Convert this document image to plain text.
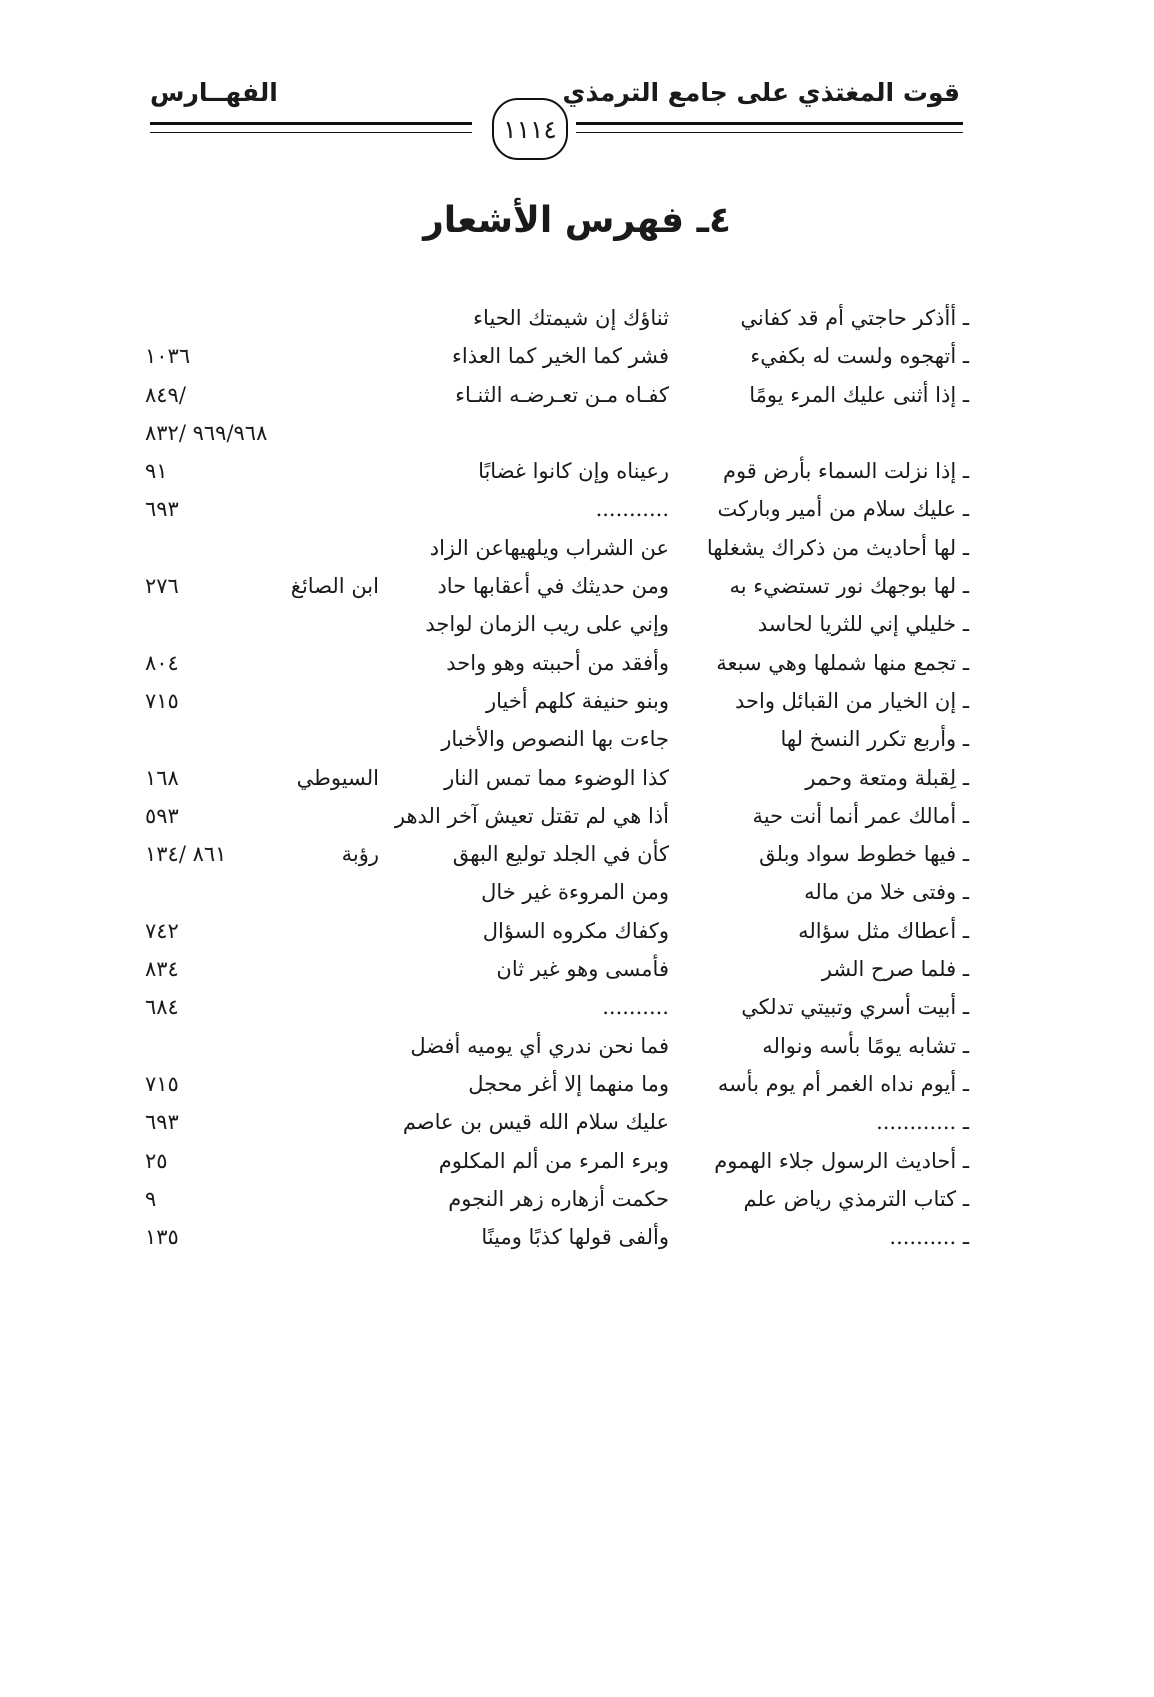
قوت المغتذي على جامع الترمذي
الفهــارس
١١١٤
٤ـ فهرس الأشعار
ـ أأذكر حاجتي أم قد كفاني
ثناؤك إن شيمتك الحياء
ـ أتهجوه ولست له بكفيء
فشر كما الخير كما العذاء
١٠٣٦
ـ إذا أثنى عليك المرء يومًا
كفـاه مـن تعـرضـه الثنـاء
/٨٤٩
٩٦٩/٩٦٨ /٨٣٢
ـ إذا نزلت السماء بأرض قوم
رعيناه وإن كانوا غضابًا
٩١
ـ عليك سلام من أمير وباركت
...........
٦٩٣
ـ لها أحاديث من ذكراك يشغلها
عن الشراب ويلهيهاعن الزاد
ـ لها بوجهك نور تستضيء به
ومن حديثك في أعقابها حاد
ابن الصائغ
٢٧٦
ـ خليلي إني للثريا لحاسد
وإني على ريب الزمان لواجد
ـ تجمع منها شملها وهي سبعة
وأفقد من أحببته وهو واحد
٨٠٤
ـ إن الخيار من القبائل واحد
وبنو حنيفة كلهم أخيار
٧١٥
ـ وأربع تكرر النسخ لها
جاءت بها النصوص والأخبار
ـ لِقبلة ومتعة وحمر
كذا الوضوء مما تمس النار
السيوطي
١٦٨
ـ أمالك عمر أنما أنت حية
أذا هي لم تقتل تعيش آخر الدهر
٥٩٣
ـ فيها خطوط سواد وبلق
كأن في الجلد توليع البهق
رؤبة
٨٦١ /١٣٤
ـ وفتى خلا من ماله
ومن المروءة غير خال
ـ أعطاك مثل سؤاله
وكفاك مكروه السؤال
٧٤٢
ـ فلما صرح الشر
فأمسى وهو غير ثان
٨٣٤
ـ أبيت أسري وتبيتي تدلكي
..........
٦٨٤
ـ تشابه يومًا بأسه ونواله
فما نحن ندري أي يوميه أفضل
ـ أيوم نداه الغمر أم يوم بأسه
وما منهما إلا أغر محجل
٧١٥
ـ ............
عليك سلام الله قيس بن عاصم
٦٩٣
ـ أحاديث الرسول جلاء الهموم
وبرء المرء من ألم المكلوم
٢٥
ـ كتاب الترمذي رياض علم
حكمت أزهاره زهر النجوم
٩
ـ ..........
وألفى قولها كذبًا ومينًا
١٣٥
